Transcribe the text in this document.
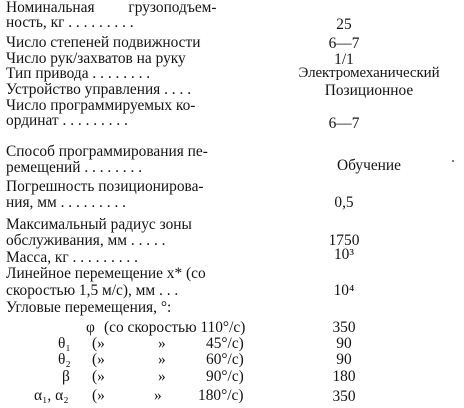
Номинальная грузоподъем-
ность, кг . . . . . . . . .	25
Число степеней подвижности	6—7
Число рук/захватов на руку	1/1
Тип привода . . . . . . . .	Электромеханический
Устройство управления . . . .	Позиционное
Число программируемых ко-
ординат . . . . . . . . .	6—7
Способ программирования пе-
ремещений . . . . . . . .	Обучение
Погрешность позиционирова-
ния, мм . . . . . . . . .	0,5
Максимальный радиус зоны
обслуживания, мм . . . . .	1750
Масса, кг . . . . . . . . .	10³
Линейное перемещение x* (со
скоростью 1,5 м/с), мм . . .	10⁴
Угловые перемещения, °:
φ (со скоростью 110°/с)	350
θ₁ (»	»	45°/с)	90
θ₂ (»	»	60°/с)	90
β (»	»	90°/с)	180
α₁, α₂ (»	» 180°/с)	350
